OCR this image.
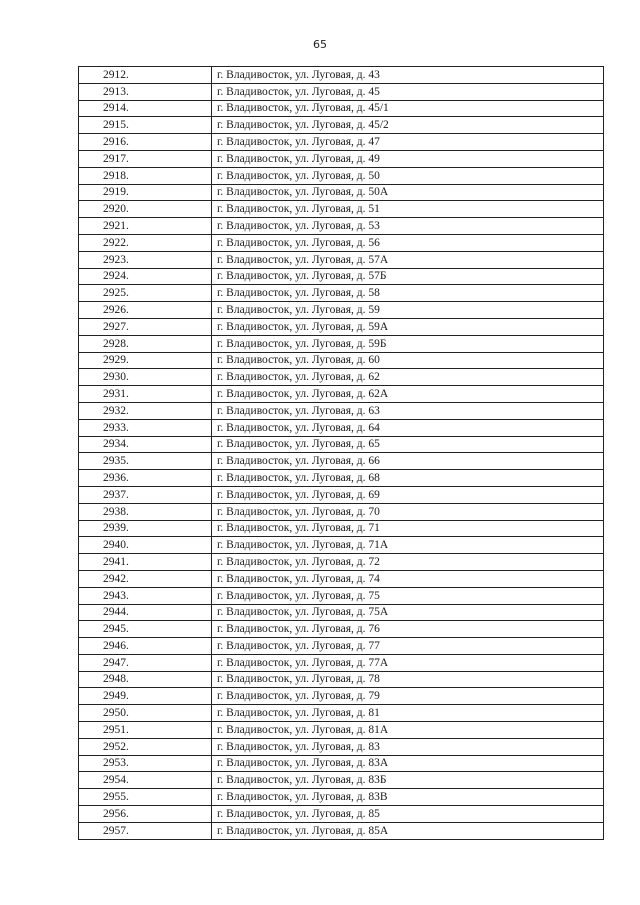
65
2912.	г. Владивосток, ул. Луговая, д. 43
2913.	г. Владивосток, ул. Луговая, д. 45
2914.	г. Владивосток, ул. Луговая, д. 45/1
2915.	г. Владивосток, ул. Луговая, д. 45/2
2916.	г. Владивосток, ул. Луговая, д. 47
2917.	г. Владивосток, ул. Луговая, д. 49
2918.	г. Владивосток, ул. Луговая, д. 50
2919.	г. Владивосток, ул. Луговая, д. 50А
2920.	г. Владивосток, ул. Луговая, д. 51
2921.	г. Владивосток, ул. Луговая, д. 53
2922.	г. Владивосток, ул. Луговая, д. 56
2923.	г. Владивосток, ул. Луговая, д. 57А
2924.	г. Владивосток, ул. Луговая, д. 57Б
2925.	г. Владивосток, ул. Луговая, д. 58
2926.	г. Владивосток, ул. Луговая, д. 59
2927.	г. Владивосток, ул. Луговая, д. 59А
2928.	г. Владивосток, ул. Луговая, д. 59Б
2929.	г. Владивосток, ул. Луговая, д. 60
2930.	г. Владивосток, ул. Луговая, д. 62
2931.	г. Владивосток, ул. Луговая, д. 62А
2932.	г. Владивосток, ул. Луговая, д. 63
2933.	г. Владивосток, ул. Луговая, д. 64
2934.	г. Владивосток, ул. Луговая, д. 65
2935.	г. Владивосток, ул. Луговая, д. 66
2936.	г. Владивосток, ул. Луговая, д. 68
2937.	г. Владивосток, ул. Луговая, д. 69
2938.	г. Владивосток, ул. Луговая, д. 70
2939.	г. Владивосток, ул. Луговая, д. 71
2940.	г. Владивосток, ул. Луговая, д. 71А
2941.	г. Владивосток, ул. Луговая, д. 72
2942.	г. Владивосток, ул. Луговая, д. 74
2943.	г. Владивосток, ул. Луговая, д. 75
2944.	г. Владивосток, ул. Луговая, д. 75А
2945.	г. Владивосток, ул. Луговая, д. 76
2946.	г. Владивосток, ул. Луговая, д. 77
2947.	г. Владивосток, ул. Луговая, д. 77А
2948.	г. Владивосток, ул. Луговая, д. 78
2949.	г. Владивосток, ул. Луговая, д. 79
2950.	г. Владивосток, ул. Луговая, д. 81
2951.	г. Владивосток, ул. Луговая, д. 81А
2952.	г. Владивосток, ул. Луговая, д. 83
2953.	г. Владивосток, ул. Луговая, д. 83А
2954.	г. Владивосток, ул. Луговая, д. 83Б
2955.	г. Владивосток, ул. Луговая, д. 83В
2956.	г. Владивосток, ул. Луговая, д. 85
2957.	г. Владивосток, ул. Луговая, д. 85А
